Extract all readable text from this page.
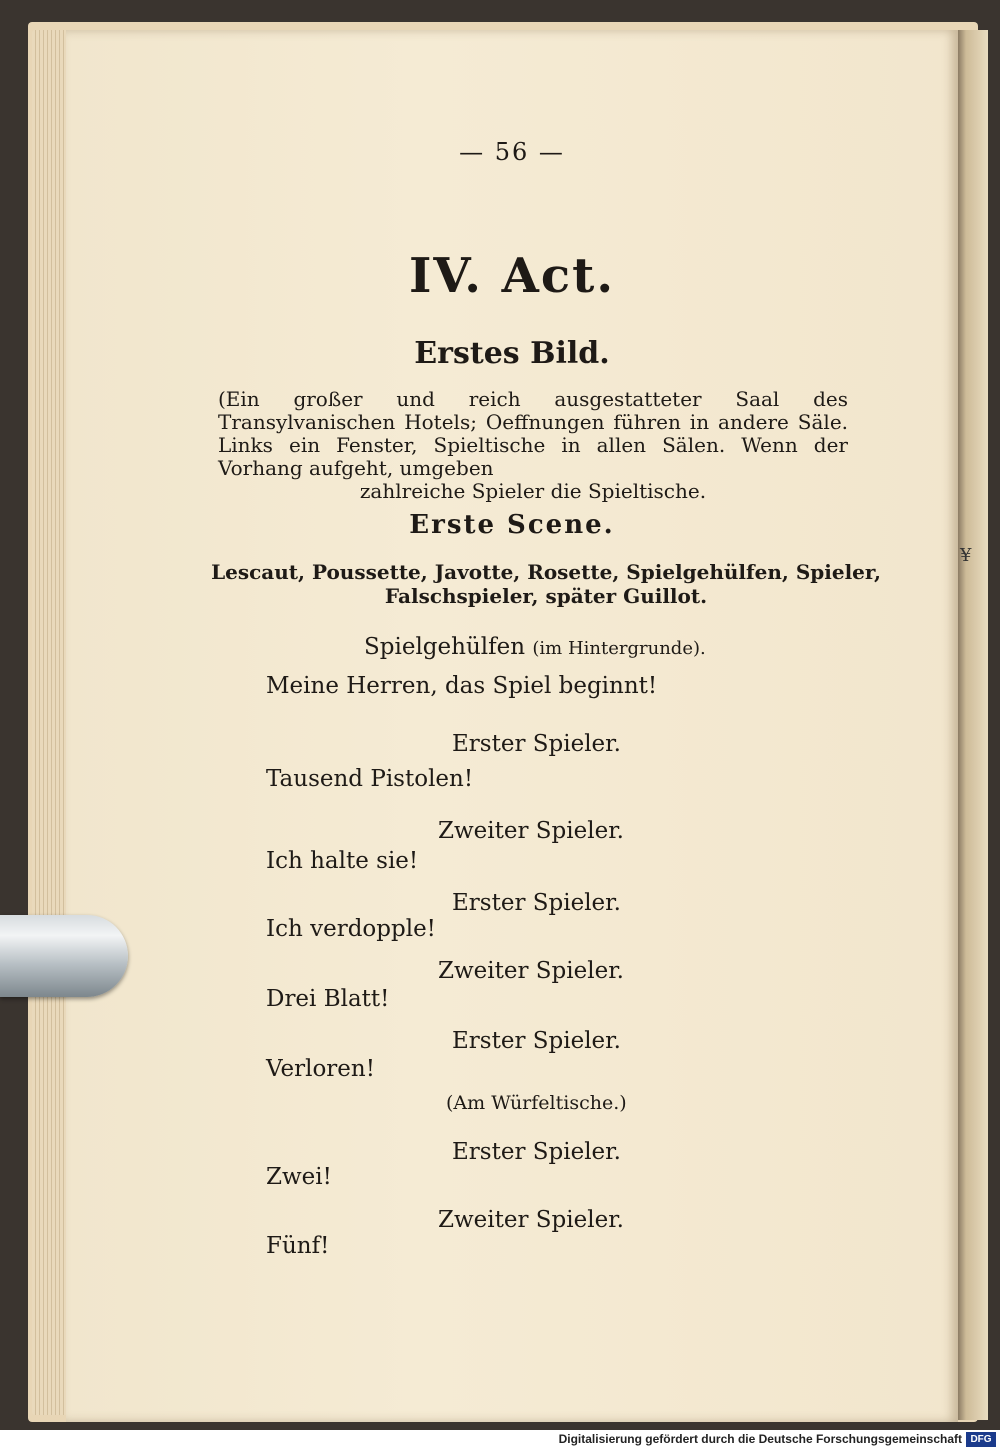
¥
— 56 —
IV. Act.
Erstes Bild.
(Ein großer und reich ausgestatteter Saal des Transylvanischen Hotels; Oeffnungen führen in andere Säle. Links ein Fenster, Spieltische in allen Sälen. Wenn der Vorhang aufgeht, umgeben
zahlreiche Spieler die Spieltische.
Erste Scene.
Lescaut, Poussette, Javotte, Rosette, Spielgehülfen, Spieler,
Falschspieler, später Guillot.
Spielgehülfen (im Hintergrunde).
Meine Herren, das Spiel beginnt!
Erster Spieler.
Tausend Pistolen!
Zweiter Spieler.
Ich halte sie!
Erster Spieler.
Ich verdopple!
Zweiter Spieler.
Drei Blatt!
Erster Spieler.
Verloren!
(Am Würfeltische.)
Erster Spieler.
Zwei!
Zweiter Spieler.
Fünf!
Digitalisierung gefördert durch die Deutsche Forschungsgemeinschaft DFG
